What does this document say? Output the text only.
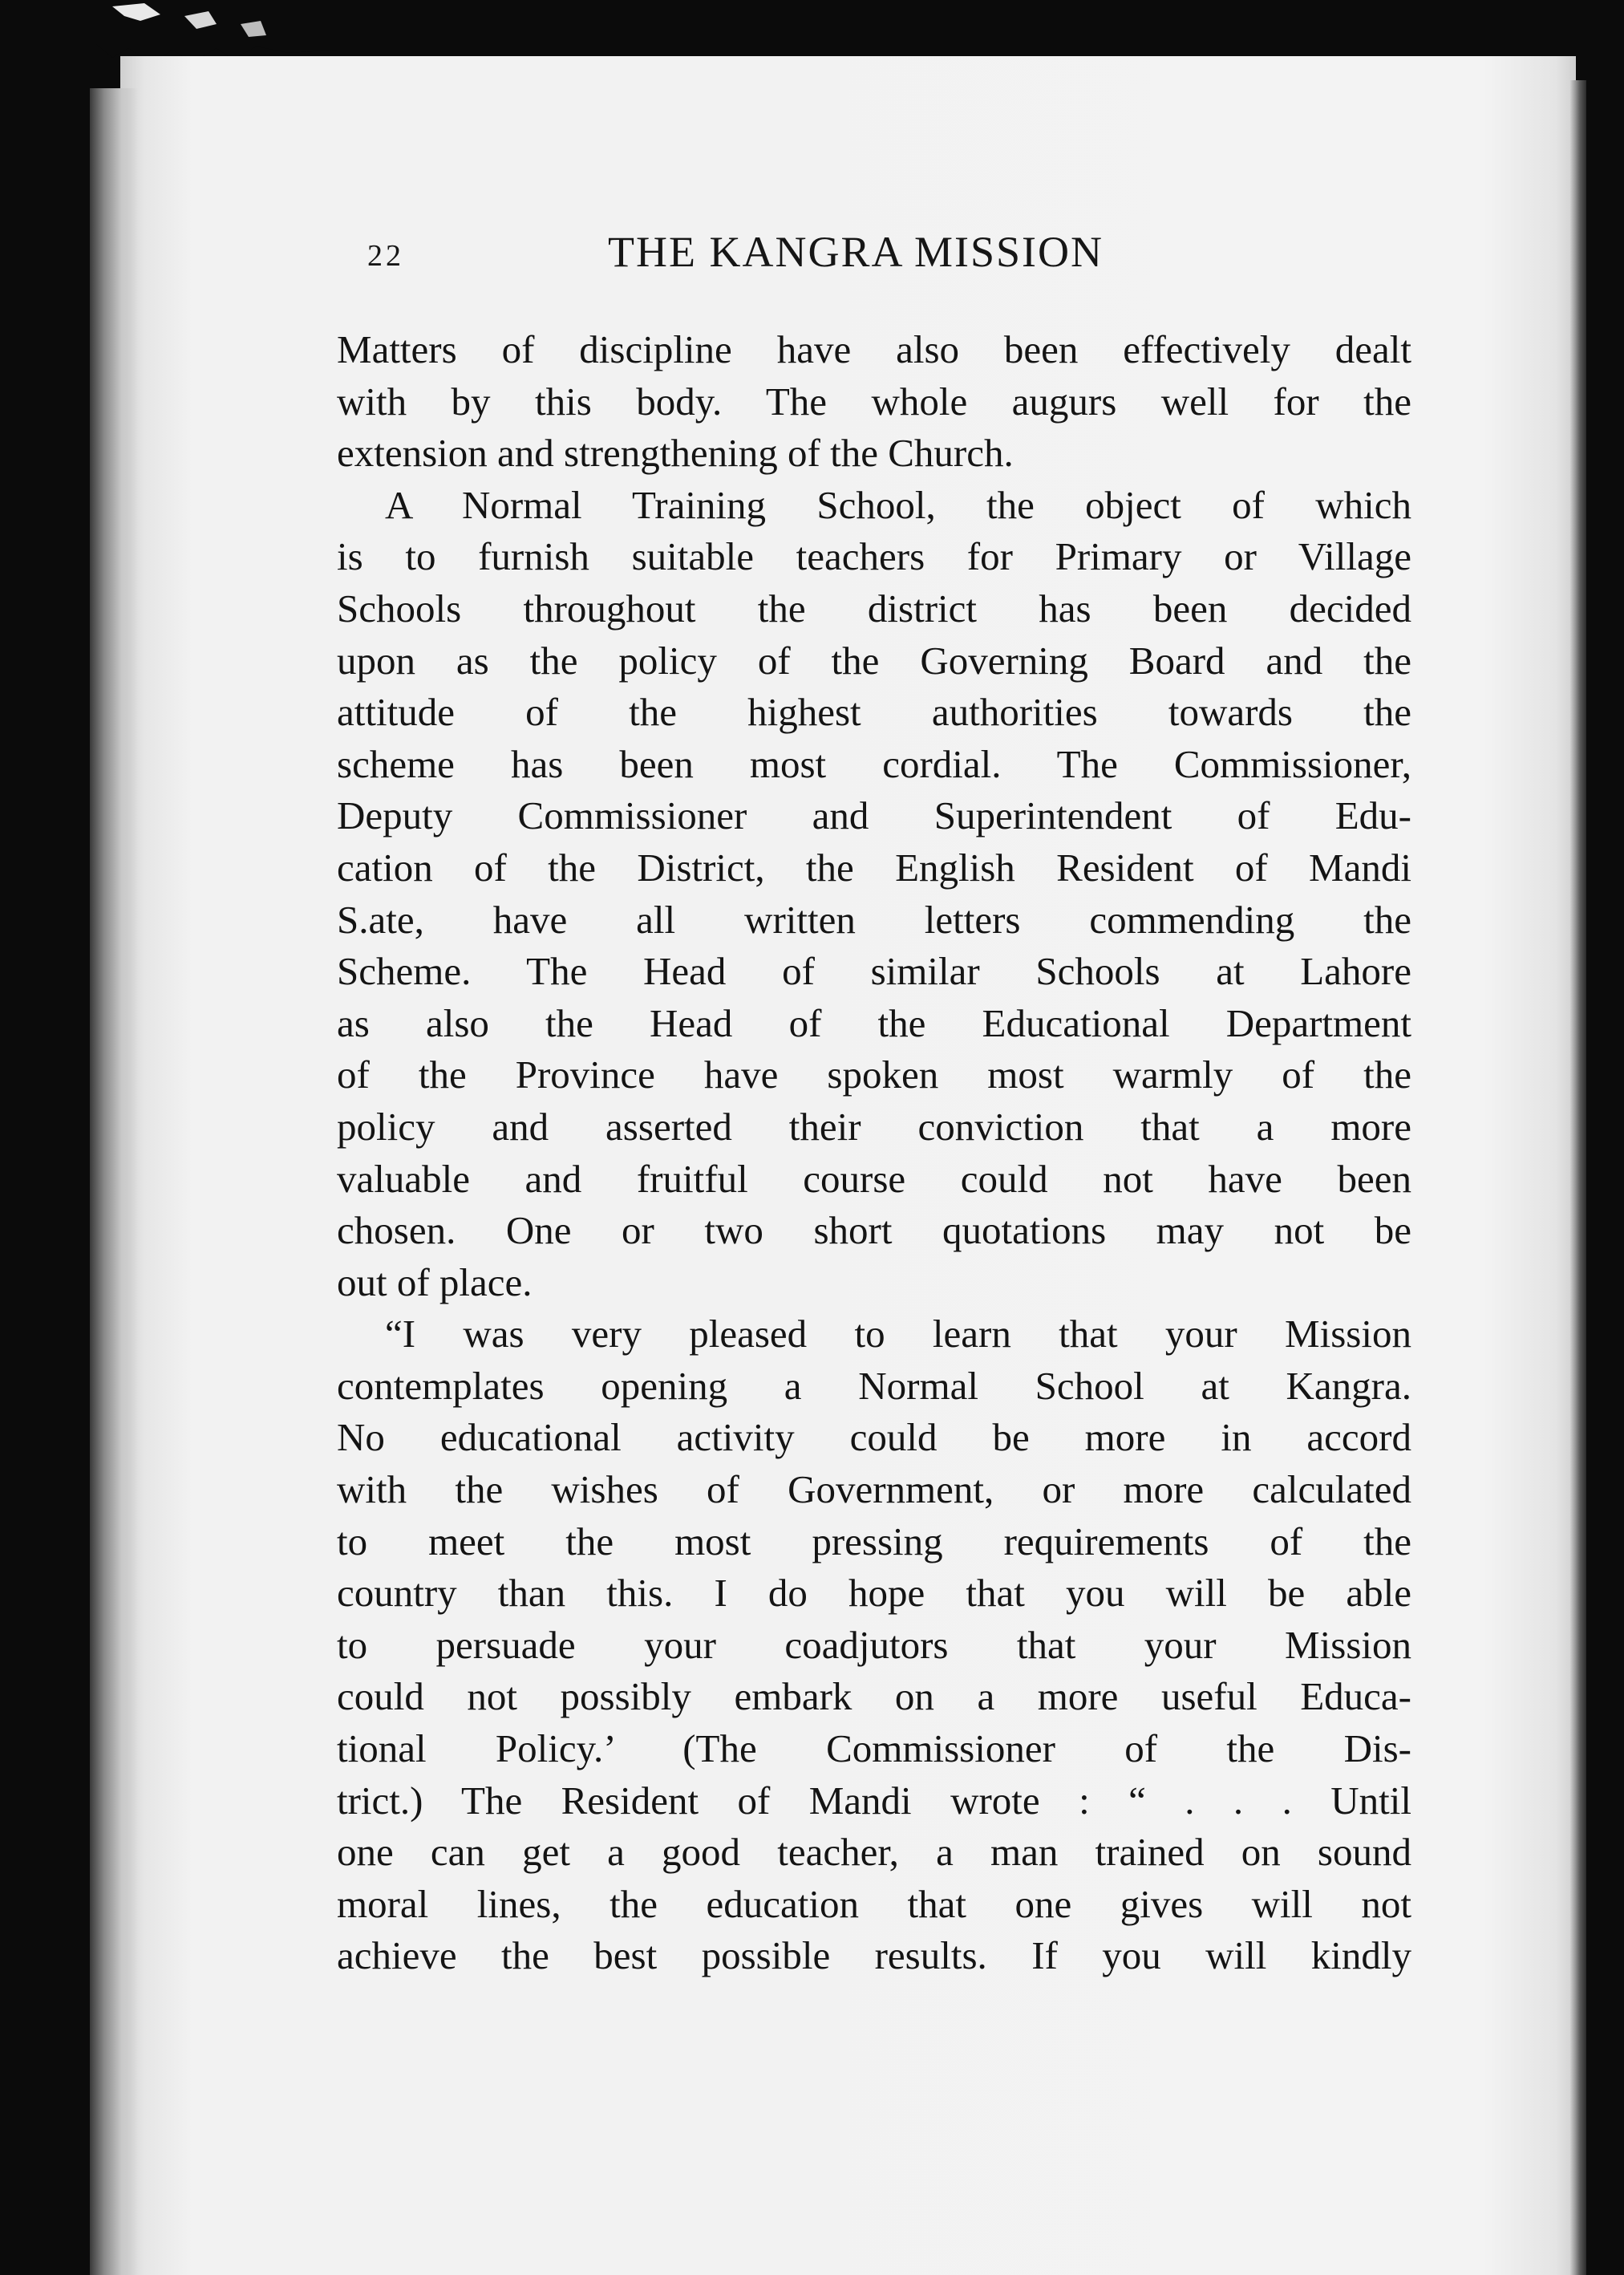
22	THE KANGRA MISSION
Matters of discipline have also been effectively dealt
with by this body. The whole augurs well for the
extension and strengthening of the Church.
A Normal Training School, the object of which
is to furnish suitable teachers for Primary or Village
Schools throughout the district has been decided
upon as the policy of the Governing Board and the
attitude of the highest authorities towards the
scheme has been most cordial. The Commissioner,
Deputy Commissioner and Superintendent of Edu-
cation of the District, the English Resident of Mandi
S.ate, have all written letters commending the
Scheme. The Head of similar Schools at Lahore
as also the Head of the Educational Department
of the Province have spoken most warmly of the
policy and asserted their conviction that a more
valuable and fruitful course could not have been
chosen. One or two short quotations may not be
out of place.
“I was very pleased to learn that your Mission
contemplates opening a Normal School at Kangra.
No educational activity could be more in accord
with the wishes of Government, or more calculated
to meet the most pressing requirements of the
country than this. I do hope that you will be able
to persuade your coadjutors that your Mission
could not possibly embark on a more useful Educa-
tional Policy.’ (The Commissioner of the Dis-
trict.) The Resident of Mandi wrote : “ . . . Until
one can get a good teacher, a man trained on sound
moral lines, the education that one gives will not
achieve the best possible results. If you will kindly
